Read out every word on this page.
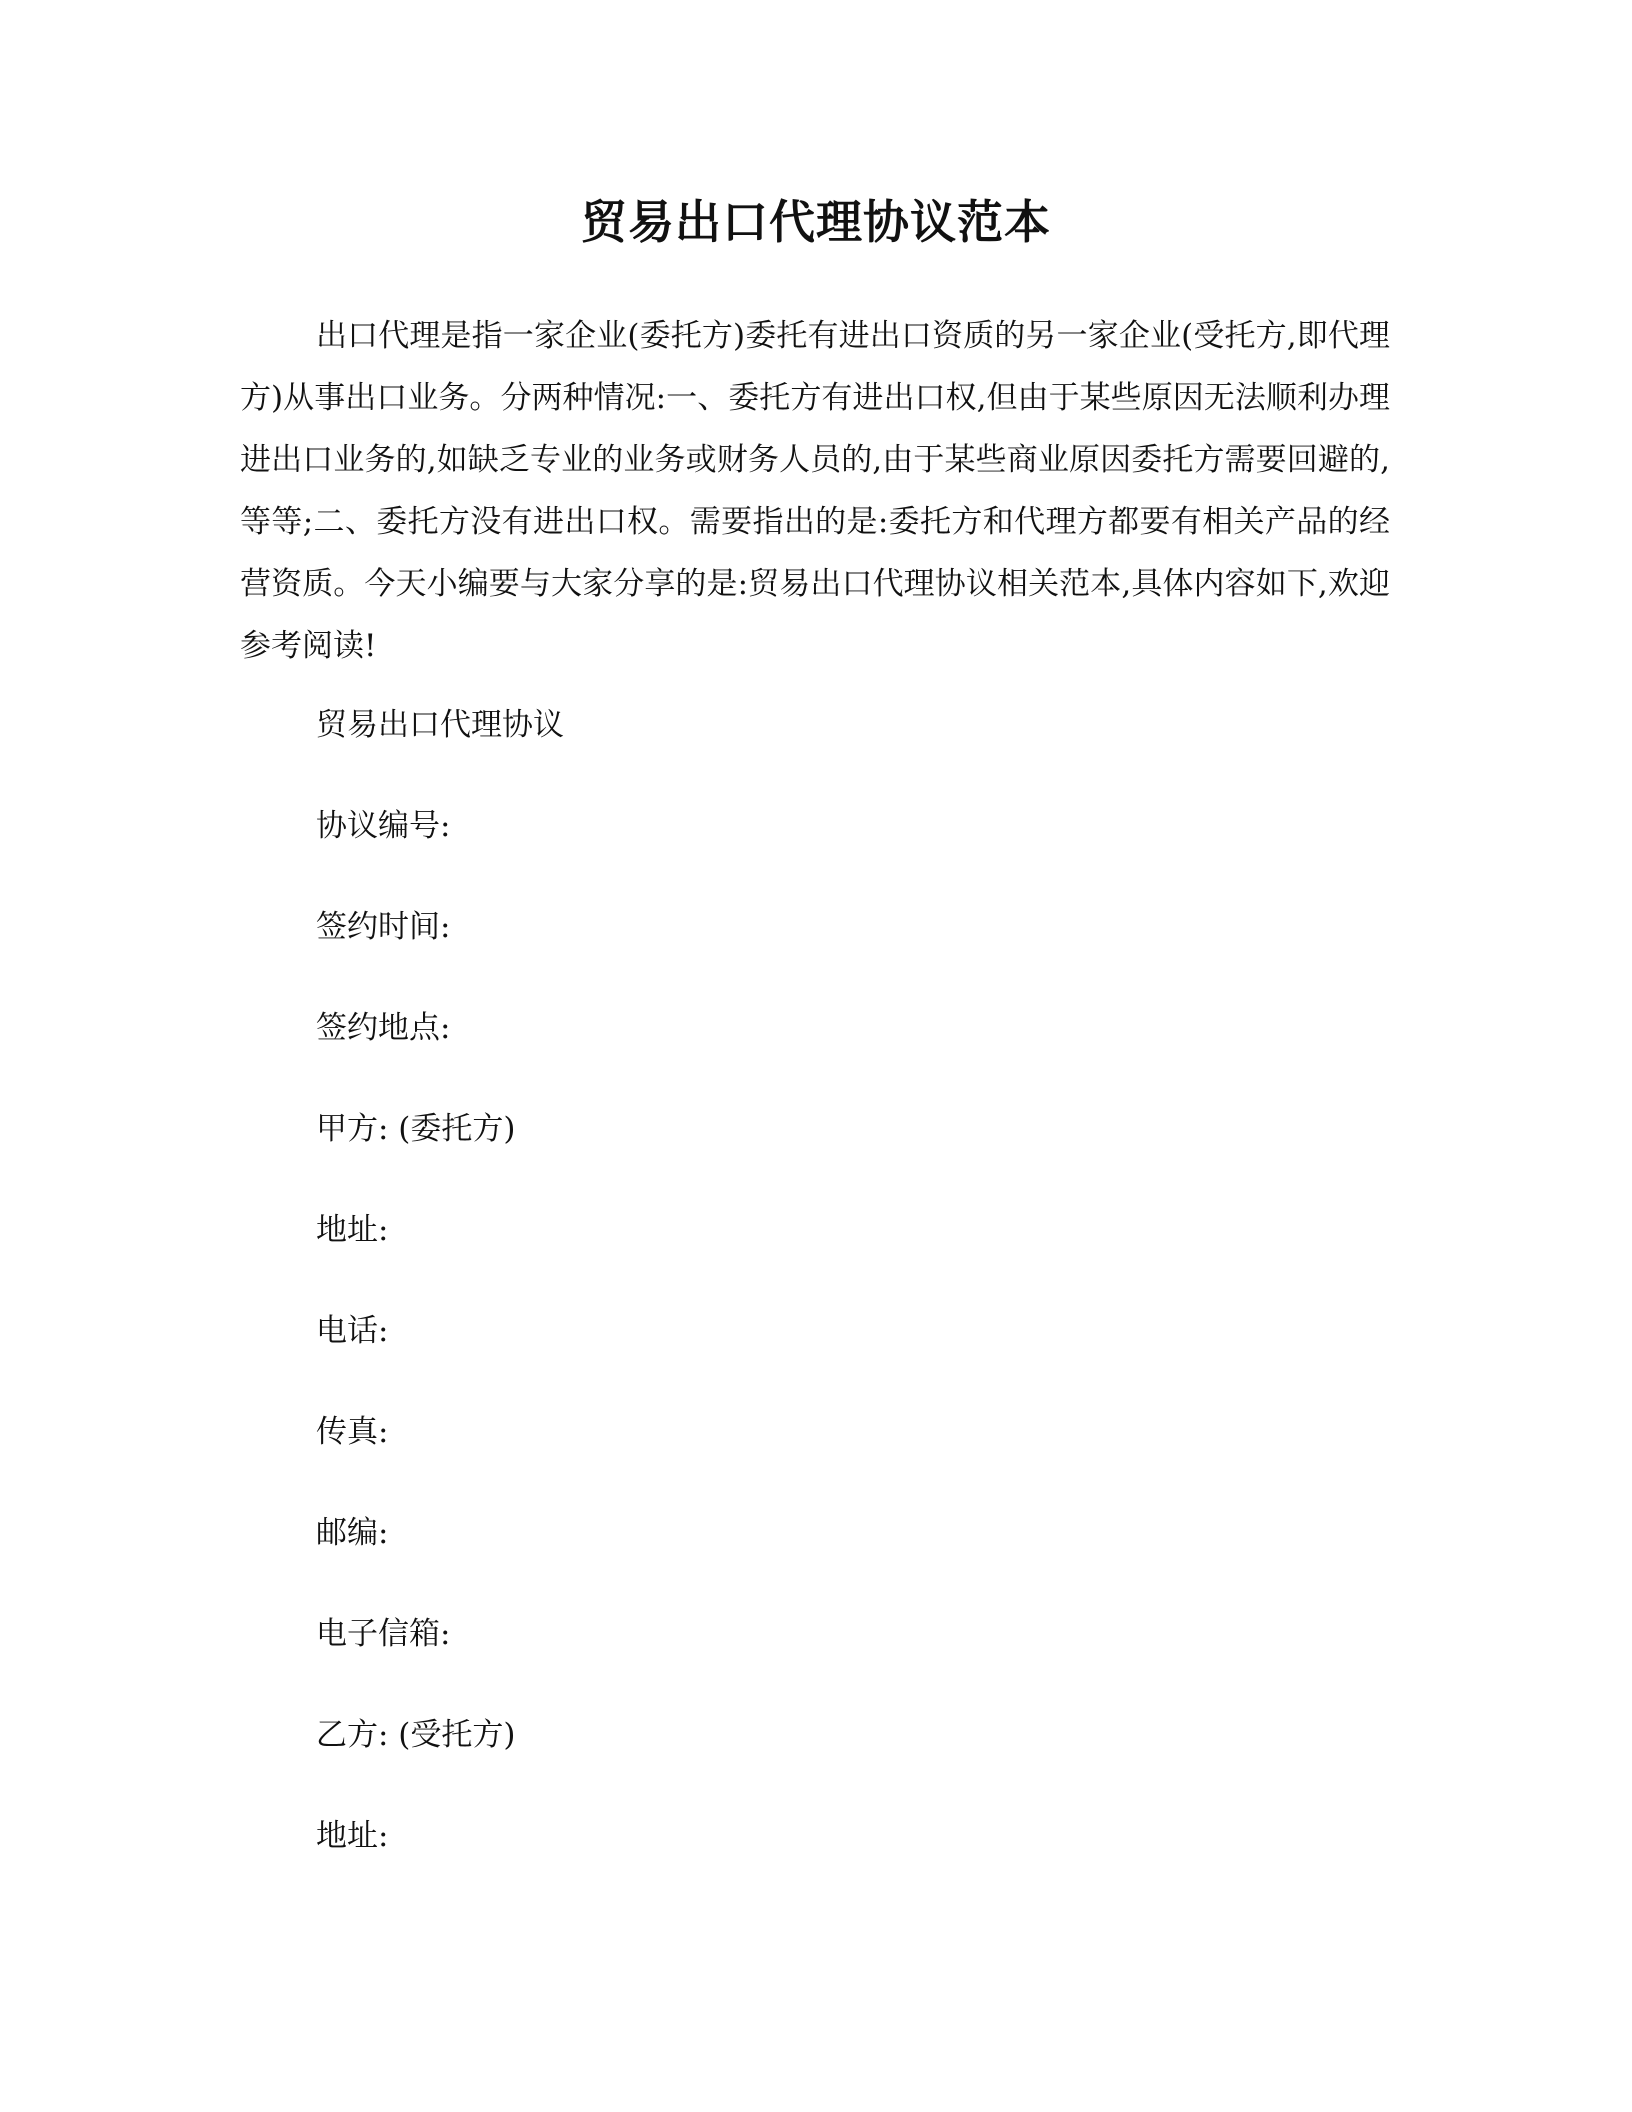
贸易出口代理协议范本

出口代理是指一家企业(委托方)委托有进出口资质的另一家企业(受托方,即代理方)从事出口业务。分两种情况:一、委托方有进出口权,但由于某些原因无法顺利办理进出口业务的,如缺乏专业的业务或财务人员的,由于某些商业原因委托方需要回避的,等等;二、委托方没有进出口权。需要指出的是:委托方和代理方都要有相关产品的经营资质。今天小编要与大家分享的是:贸易出口代理协议相关范本,具体内容如下,欢迎参考阅读!

贸易出口代理协议
协议编号:
签约时间:
签约地点:
甲方: (委托方)
地址:
电话:
传真:
邮编:
电子信箱:
乙方: (受托方)
地址:
